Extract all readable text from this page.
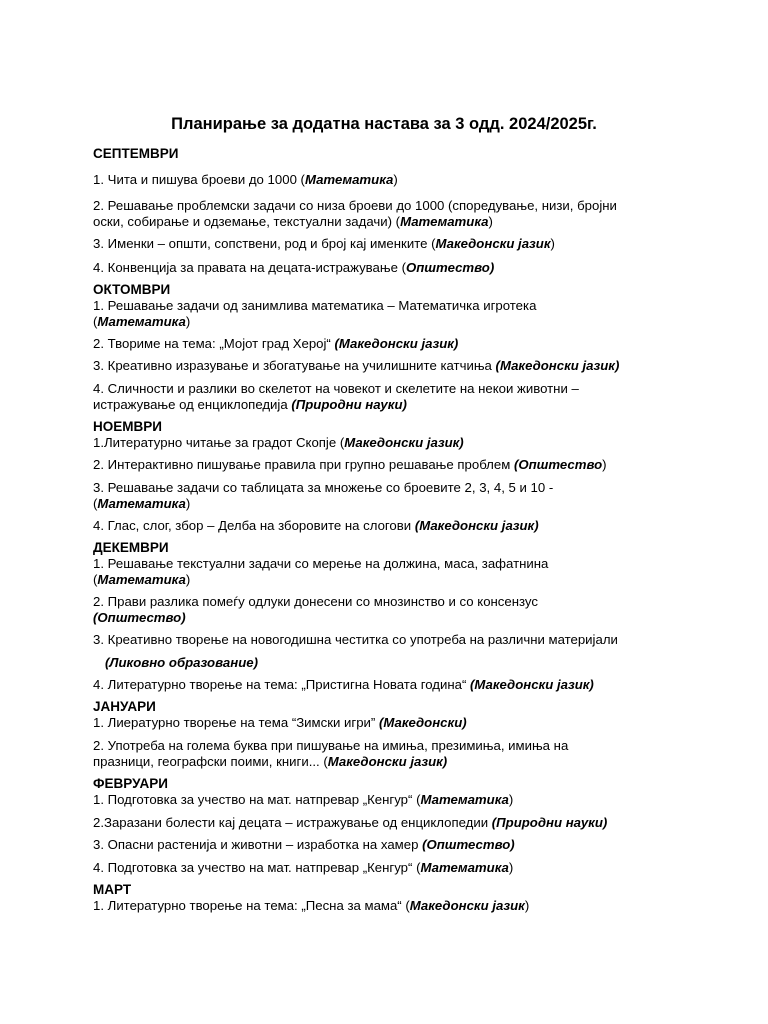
Планирање за додатна настава за 3 одд. 2024/2025г.
СЕПТЕМВРИ
1. Чита и пишува броеви до 1000 (Математика)
2. Решавање проблемски задачи со низа броеви до 1000 (споредување, низи, бројни
оски, собирање и одземање, текстуални задачи) (Математика)
3. Именки – општи, сопствени, род и број кај именките (Македонски јазик)
4. Конвенција за правата на децата-истражување (Општество)
ОКТОМВРИ
1. Решавање задачи од занимлива математика – Математичка игротека
(Математика)
2. Твориме на тема: „Мојот град Херој“ (Македонски јазик)
3. Креативно изразување и збогатување на училишните катчиња (Македонски јазик)
4. Сличности и разлики во скелетот на човекот и скелетите на некои животни –
истражување од енциклопедија (Природни науки)
НОЕМВРИ
1.Литературно читање за градот Скопје (Македонски јазик)
2. Интерактивно пишување правила при групно решавање проблем (Општество)
3. Решавање задачи со таблицата за множење со броевите 2, 3, 4, 5 и 10 -
(Математика)
4. Глас, слог, збор – Делба на зборовите на слогови (Македонски јазик)
ДЕКЕМВРИ
1. Решавање текстуални задачи со мерење на должина, маса, зафатнина
(Математика)
2. Прави разлика помеѓу одлуки донесени со мнозинство и со консензус
(Општество)
3. Креативно творење на новогодишна честитка со употреба на различни материјали
(Ликовно образование)
4. Литературно творење на тема: „Пристигна Новата година“ (Македонски јазик)
ЈАНУАРИ
1. Лиературно творење на тема “Зимски игри” (Македонски)
2. Употреба на голема буква при пишување на имиња, презимиња, имиња на
празници, географски поими, книги... (Македонски јазик)
ФЕВРУАРИ
1. Подготовка за учество на мат. натпревар „Кенгур“ (Математика)
2.Заразани болести кај децата – истражување од енциклопедии (Природни науки)
3. Опасни растенија и животни – изработка на хамер (Општество)
4. Подготовка за учество на мат. натпревар „Кенгур“ (Математика)
МАРТ
1. Литературно творење на тема: „Песна за мама“ (Македонски јазик)
